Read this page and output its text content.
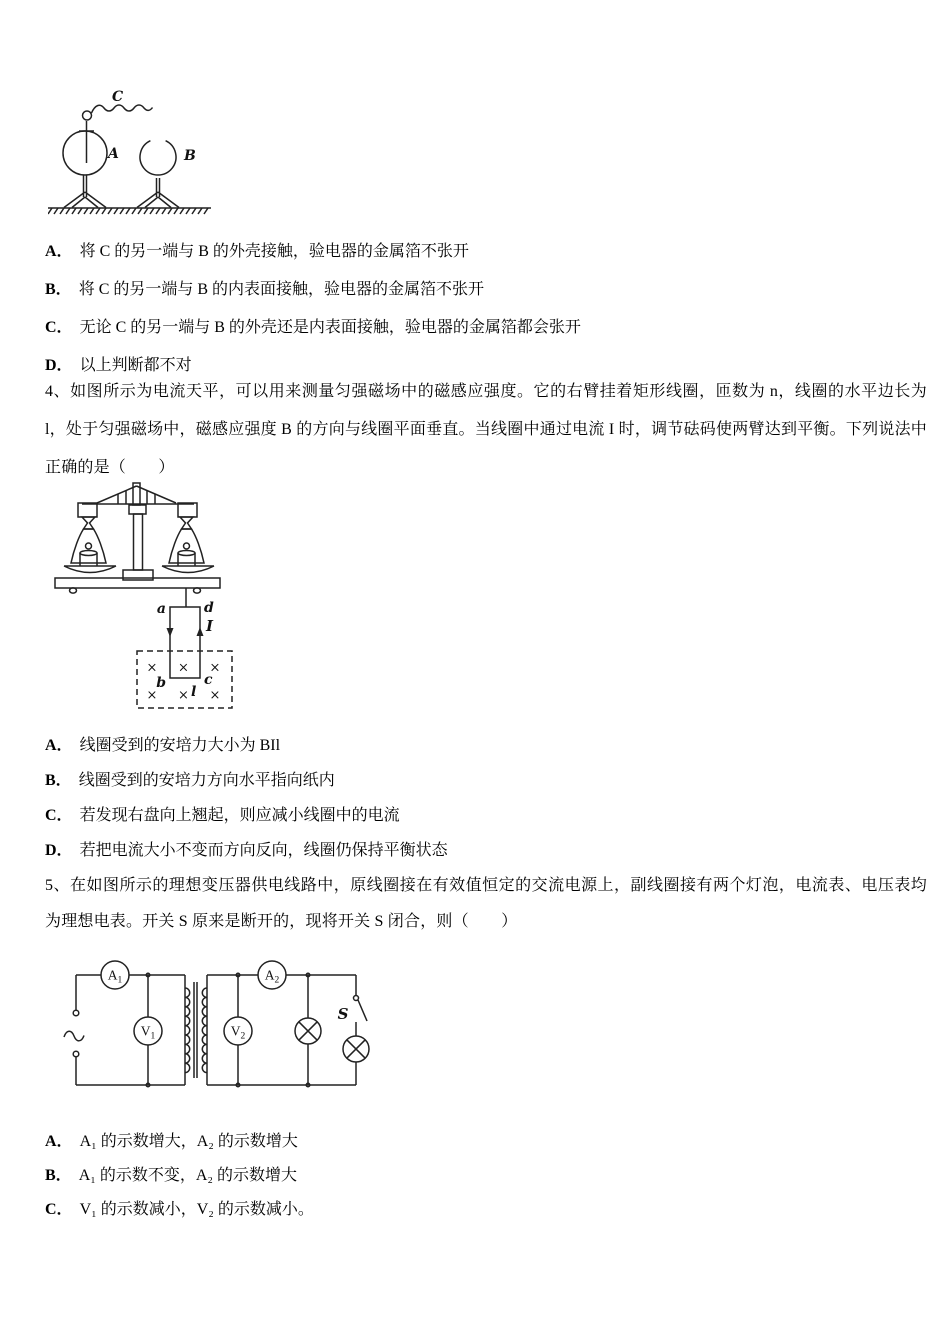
A	B
C
A． 将 C 的另一端与 B 的外壳接触，验电器的金属箔不张开
B． 将 C 的另一端与 B 的内表面接触，验电器的金属箔不张开
C． 无论 C 的另一端与 B 的外壳还是内表面接触，验电器的金属箔都会张开
D． 以上判断都不对
4、如图所示为电流天平，可以用来测量匀强磁场中的磁感应强度。它的右臂挂着矩形线圈，匝数为 n，线圈的水平边长为 l，处于匀强磁场中，磁感应强度 B 的方向与线圈平面垂直。当线圈中通过电流 I 时，调节砝码使两臂达到平衡。下列说法中正确的是（　　）
× × ×
× × ×
a	d
I
b	c
l
A． 线圈受到的安培力大小为 BIl
B． 线圈受到的安培力方向水平指向纸内
C． 若发现右盘向上翘起，则应减小线圈中的电流
D． 若把电流大小不变而方向反向，线圈仍保持平衡状态
5、在如图所示的理想变压器供电线路中，原线圈接在有效值恒定的交流电源上，副线圈接有两个灯泡，电流表、电压表均为理想电表。开关 S 原来是断开的，现将开关 S 闭合，则（　　）
$A_1$
$V_1$
$A_2$
$V_2$
S
A． A₁ 的示数增大，A₂ 的示数增大
B． A₁ 的示数不变，A₂ 的示数增大
C． V₁ 的示数减小，V₂ 的示数减小。
